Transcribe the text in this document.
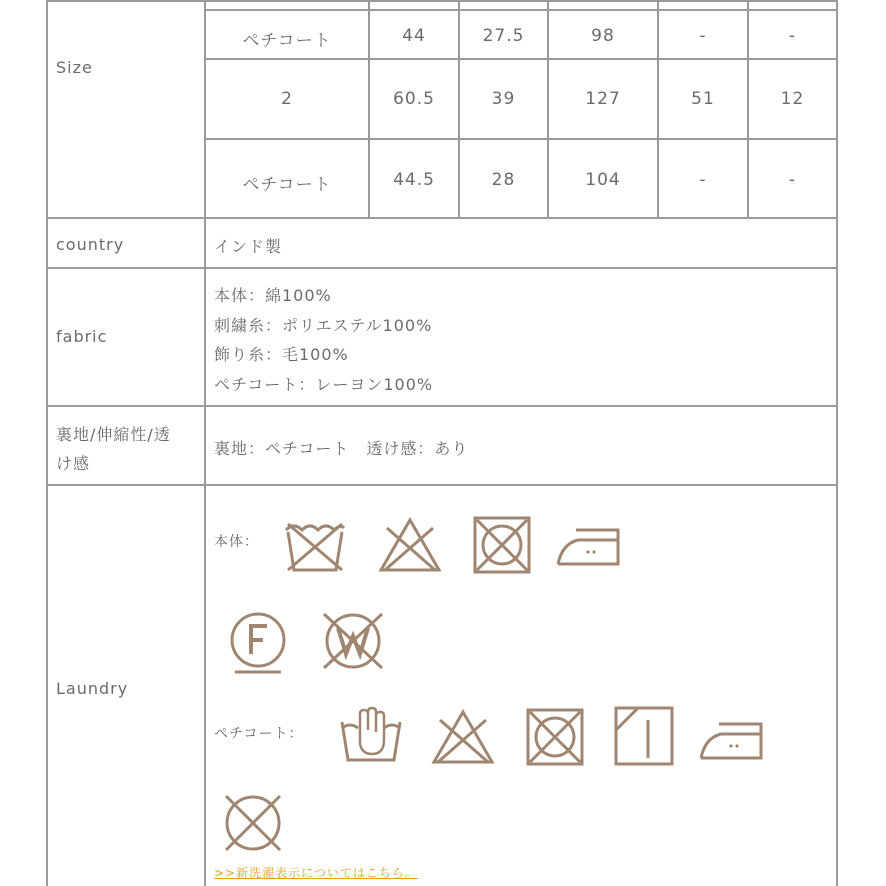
Size
ペチコート	44	27.5	98	-	-
2	60.5	39	127	51	12
ペチコート	44.5	28	104	-	-
country	インド製
fabric
本体：綿100%
刺繍糸：ポリエステル100%
飾り糸：毛100%
ペチコート：レーヨン100%
裏地/伸縮性/透
け感
裏地：ペチコート　透け感：あり
Laundry
本体：
ペチコート：
>>新洗濯表示についてはこちら。
